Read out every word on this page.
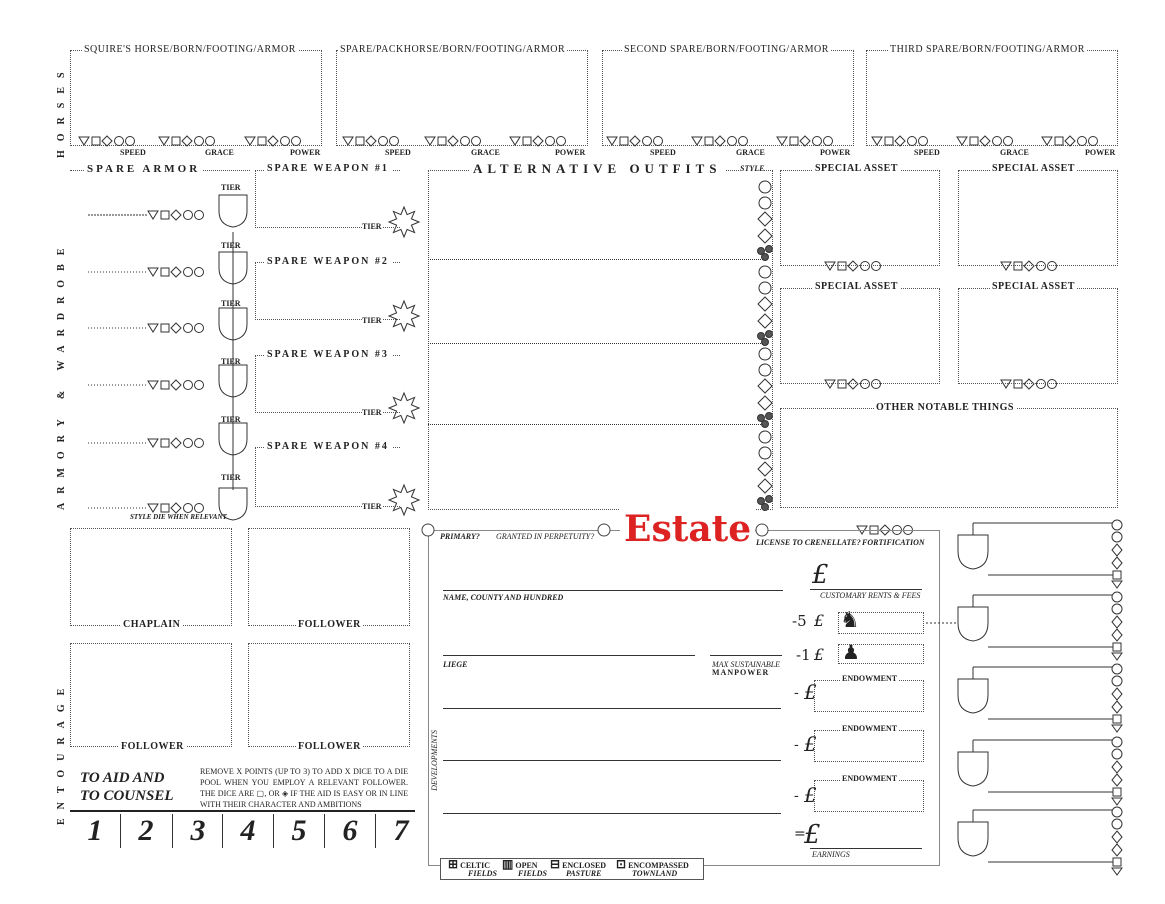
HORSES
ARMORY & WARDROBE
ENTOURAGE
SQUIRE'S HORSE/BORN/FOOTING/ARMOR	SPARE/PACKHORSE/BORN/FOOTING/ARMOR	SECOND SPARE/BORN/FOOTING/ARMOR	THIRD SPARE/BORN/FOOTING/ARMOR
SPEED	GRACE	POWER	SPEED	GRACE	POWER	SPEED	GRACE	POWER	SPEED	GRACE	POWER
SPARE ARMOR
TIER
TIER
TIER
TIER
TIER
TIER
STYLE DIE WHEN RELEVANT
SPARE WEAPON #1
TIER
SPARE WEAPON #2
TIER
SPARE WEAPON #3
TIER
SPARE WEAPON #4
TIER
ALTERNATIVE OUTFITS	STYLE	SPECIAL ASSET	SPECIAL ASSET
SPECIAL ASSET	SPECIAL ASSET
OTHER NOTABLE THINGS
CHAPLAIN	FOLLOWER
FOLLOWER	FOLLOWER
TO AID AND
TO COUNSEL
REMOVE X POINTS (UP TO 3) TO ADD X DICE TO A DIE POOL WHEN YOU EMPLOY A RELEVANT FOLLOWER. THE DICE ARE ▢, OR ◈ IF THE AID IS EASY OR IN LINE WITH THEIR CHARACTER AND AMBITIONS
1	2	3	4	5	6	7
PRIMARY? GRANTED IN PERPETUITY? Estate LICENSE TO CRENELLATE? FORTIFICATION
NAME, COUNTY AND HUNDRED
LIEGE	MAX SUSTAINABLE
MANPOWER
DEVELOPMENTS
£
CUSTOMARY RENTS & FEES
-5 £ ♞
-1 £ ♟
ENDOWMENT
- £
ENDOWMENT
- £
ENDOWMENT
- £
=
£
EARNINGS
⊞ CELTIC
FIELDS
▥ OPEN
FIELDS
⊟ ENCLOSED
PASTURE
⊡ ENCOMPASSED
TOWNLAND
